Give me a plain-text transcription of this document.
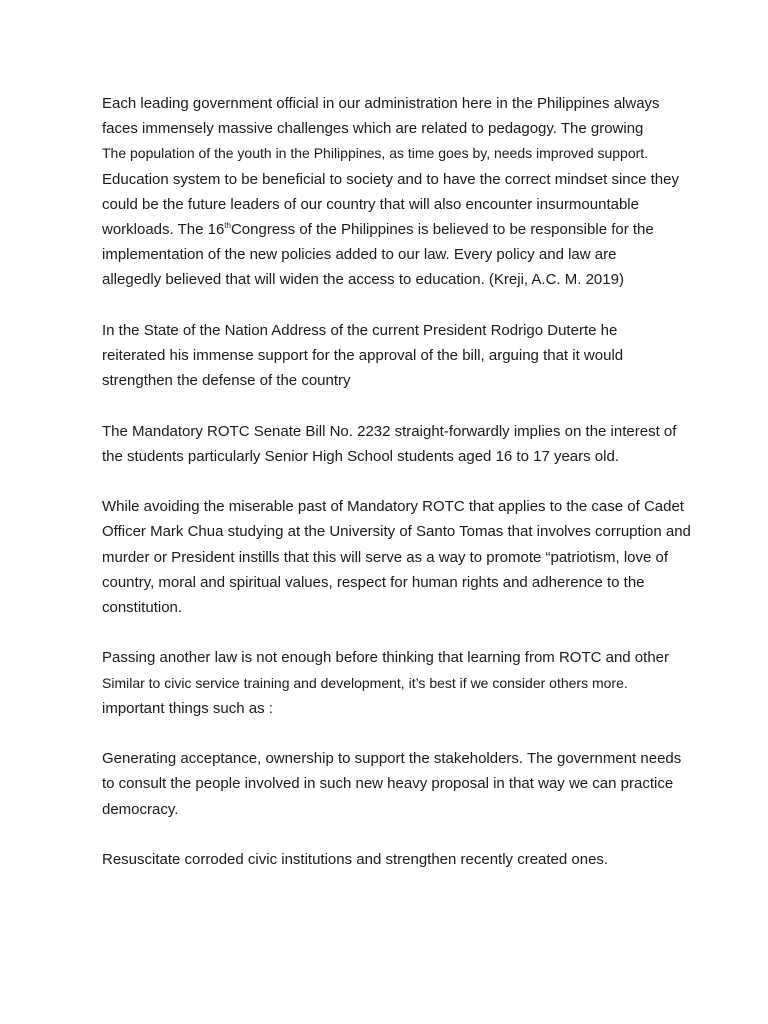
Each leading government official in our administration here in the Philippines always
faces immensely massive challenges which are related to pedagogy. The growing
The population of the youth in the Philippines, as time goes by, needs improved support.
Education system to be beneficial to society and to have the correct mindset since they
could be the future leaders of our country that will also encounter insurmountable
workloads. The 16thCongress of the Philippines is believed to be responsible for the
implementation of the new policies added to our law. Every policy and law are
allegedly believed that will widen the access to education. (Kreji, A.C. M. 2019)

In the State of the Nation Address of the current President Rodrigo Duterte he
reiterated his immense support for the approval of the bill, arguing that it would
strengthen the defense of the country

The Mandatory ROTC Senate Bill No. 2232 straight-forwardly implies on the interest of
the students particularly Senior High School students aged 16 to 17 years old.

While avoiding the miserable past of Mandatory ROTC that applies to the case of Cadet
Officer Mark Chua studying at the University of Santo Tomas that involves corruption and
murder or President instills that this will serve as a way to promote “patriotism, love of
country, moral and spiritual values, respect for human rights and adherence to the
constitution.

Passing another law is not enough before thinking that learning from ROTC and other
Similar to civic service training and development, it’s best if we consider others more.
important things such as :

Generating acceptance, ownership to support the stakeholders. The government needs
to consult the people involved in such new heavy proposal in that way we can practice
democracy.

Resuscitate corroded civic institutions and strengthen recently created ones.
